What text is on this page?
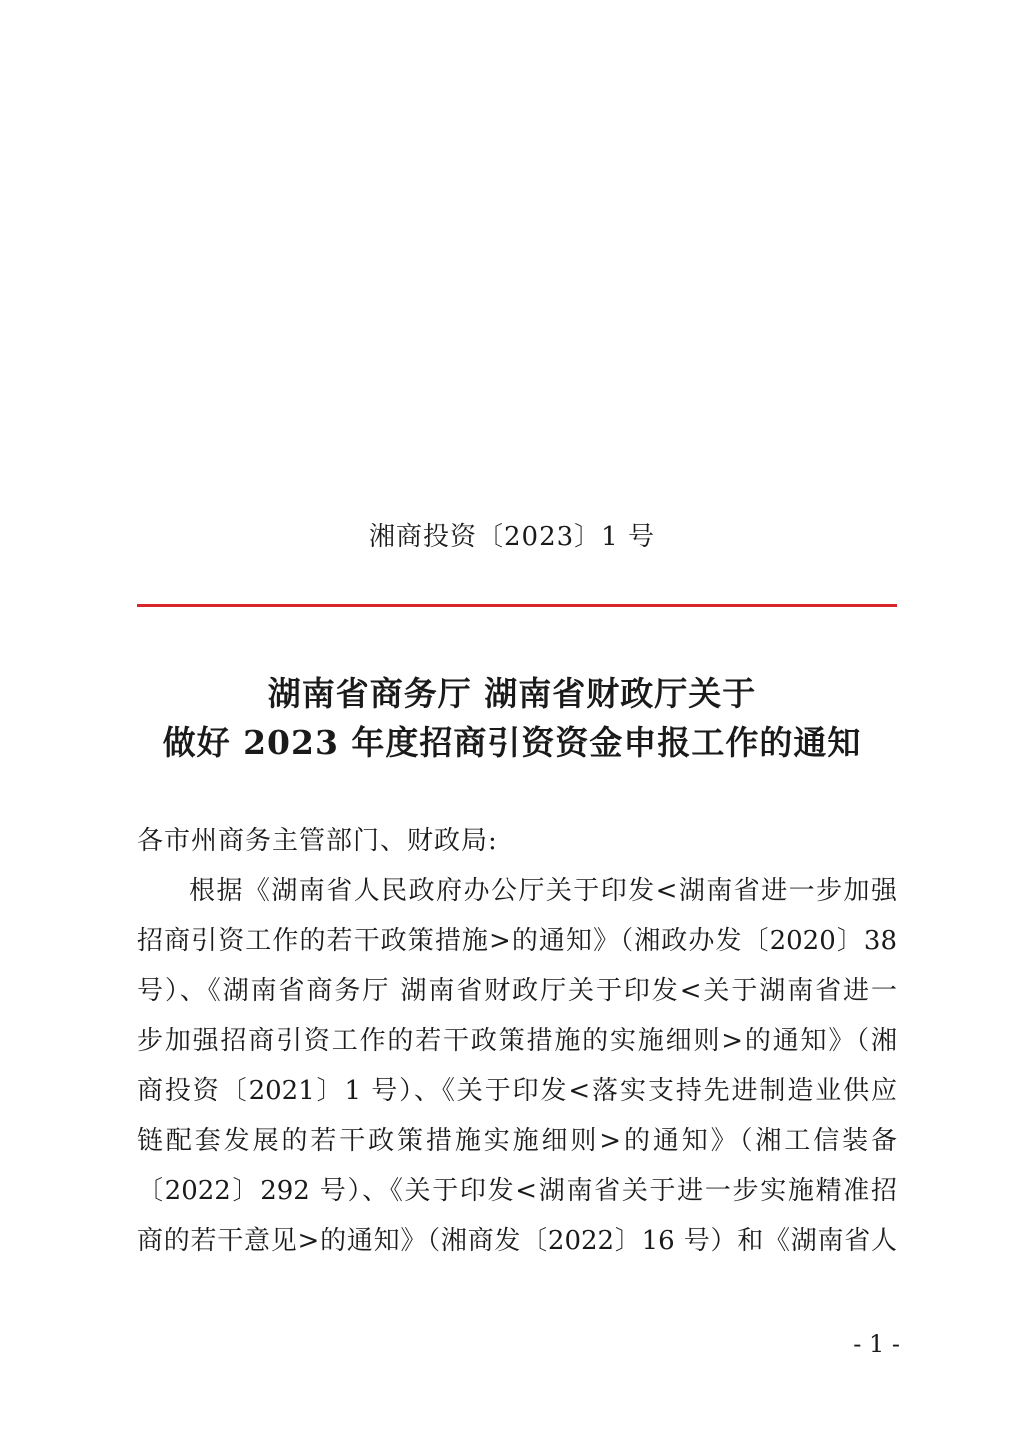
湘商投资〔2023〕1 号
湖南省商务厅 湖南省财政厅关于
做好 2023 年度招商引资资金申报工作的通知
各市州商务主管部门、财政局:
根据《湖南省人民政府办公厅关于印发<湖南省进一步加强
招商引资工作的若干政策措施>的通知》（湘政办发〔2020〕38
号）、《湖南省商务厅 湖南省财政厅关于印发<关于湖南省进一
步加强招商引资工作的若干政策措施的实施细则>的通知》（湘
商投资〔2021〕1 号）、《关于印发<落实支持先进制造业供应
链配套发展的若干政策措施实施细则>的通知》（湘工信装备
〔2022〕292 号）、《关于印发<湖南省关于进一步实施精准招
商的若干意见>的通知》（湘商发〔2022〕16 号）和《湖南省人
- 1 -
